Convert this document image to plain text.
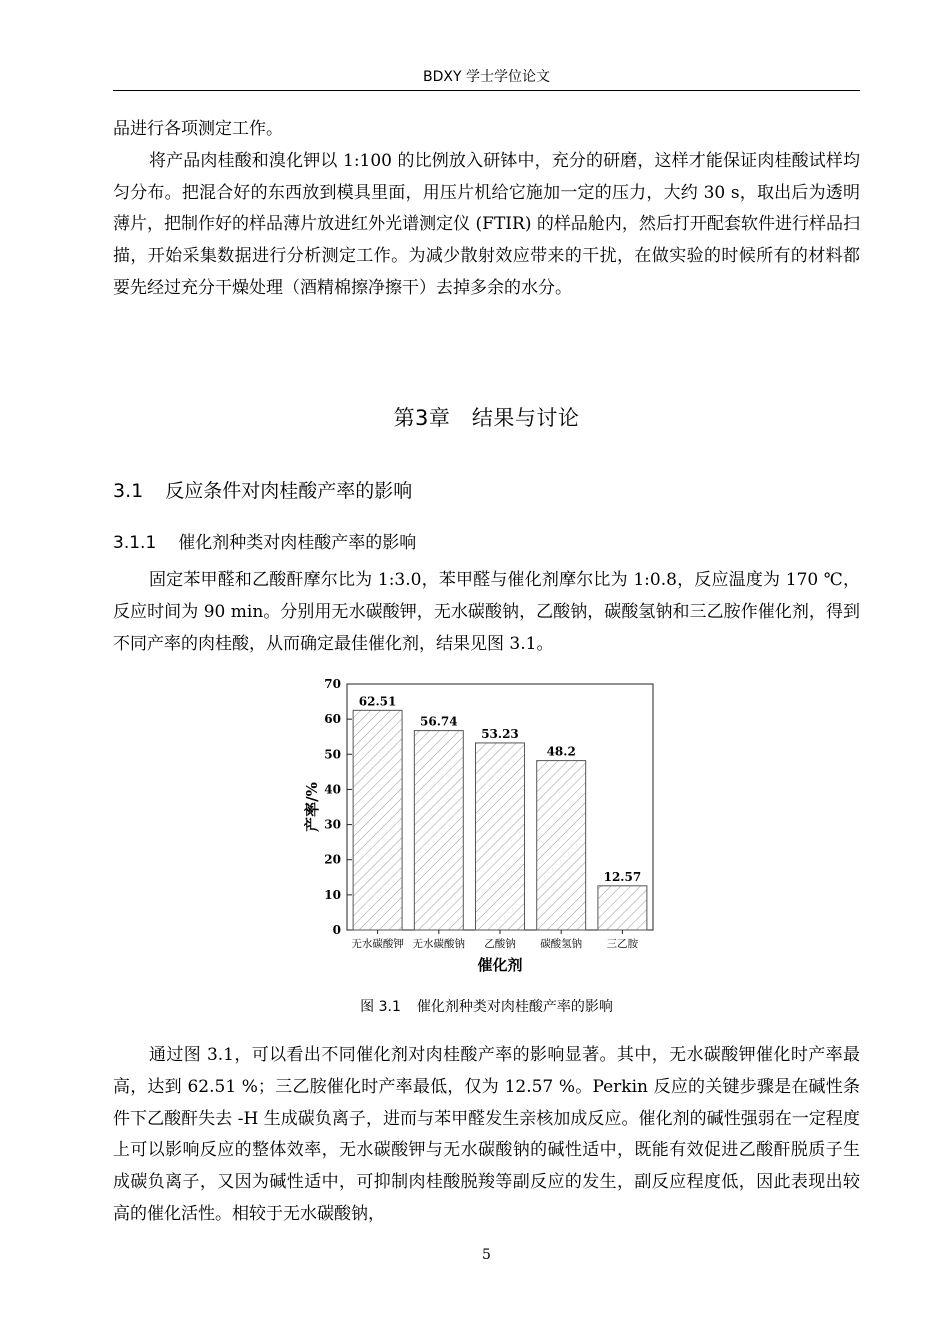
BDXY 学士学位论文

品进行各项测定工作。

将产品肉桂酸和溴化钾以 1:100 的比例放入研钵中，充分的研磨，这样才能保证肉桂酸试样均匀分布。把混合好的东西放到模具里面，用压片机给它施加一定的压力，大约 30 s，取出后为透明薄片，把制作好的样品薄片放进红外光谱测定仪 (FTIR) 的样品舱内，然后打开配套软件进行样品扫描，开始采集数据进行分析测定工作。为减少散射效应带来的干扰，在做实验的时候所有的材料都要先经过充分干燥处理（酒精棉擦净擦干）去掉多余的水分。

第3章　结果与讨论
3.1 反应条件对肉桂酸产率的影响
3.1.1 催化剂种类对肉桂酸产率的影响

固定苯甲醛和乙酸酐摩尔比为 1:3.0，苯甲醛与催化剂摩尔比为 1:0.8，反应温度为 170 ℃，反应时间为 90 min。分别用无水碳酸钾，无水碳酸钠，乙酸钠，碳酸氢钠和三乙胺作催化剂，得到不同产率的肉桂酸，从而确定最佳催化剂，结果见图 3.1。

0
10
20
30
40
50
60
70
62.51
无水碳酸钾
56.74
无水碳酸钠
53.23
乙酸钠
48.2
碳酸氢钠
12.57
三乙胺
催化剂
产率/%
图 3.1 催化剂种类对肉桂酸产率的影响

通过图 3.1，可以看出不同催化剂对肉桂酸产率的影响显著。其中，无水碳酸钾催化时产率最高，达到 62.51 %；三乙胺催化时产率最低，仅为 12.57 %。Perkin 反应的关键步骤是在碱性条件下乙酸酐失去 -H 生成碳负离子，进而与苯甲醛发生亲核加成反应。催化剂的碱性强弱在一定程度上可以影响反应的整体效率，无水碳酸钾与无水碳酸钠的碱性适中，既能有效促进乙酸酐脱质子生成碳负离子，又因为碱性适中，可抑制肉桂酸脱羧等副反应的发生，副反应程度低，因此表现出较高的催化活性。相较于无水碳酸钠，

5
